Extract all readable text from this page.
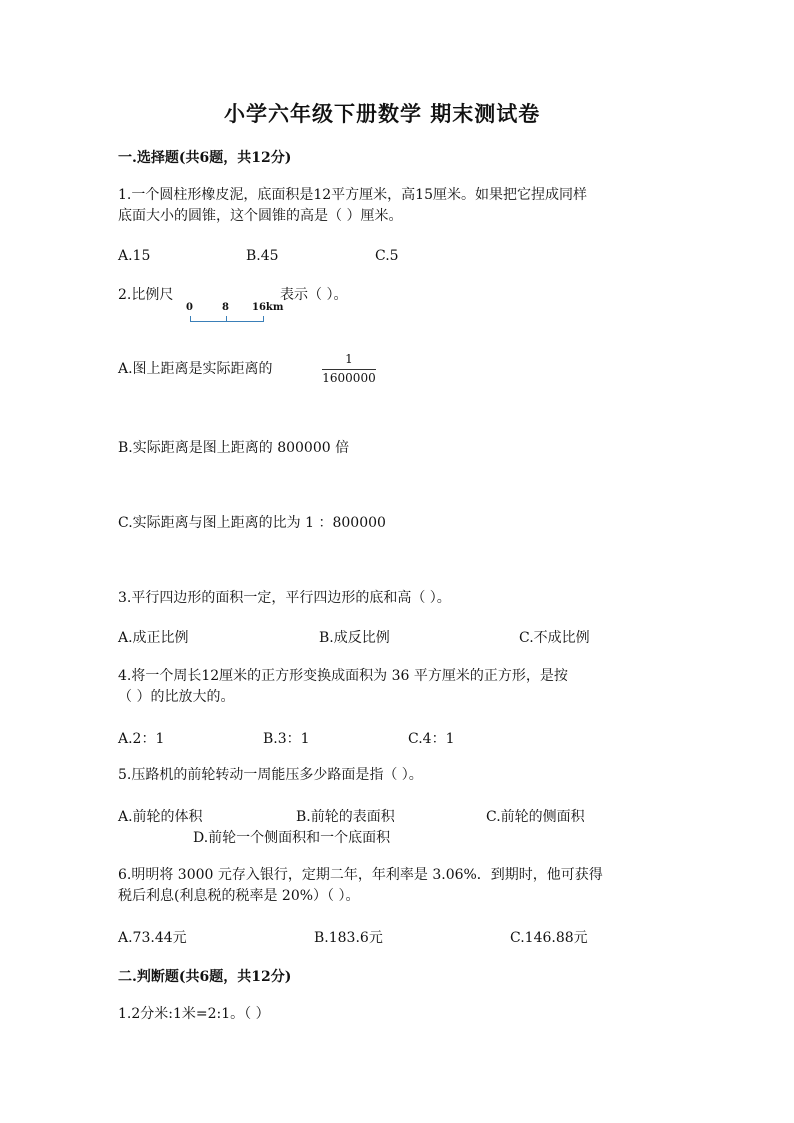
小学六年级下册数学 期末测试卷
一.选择题(共6题，共12分)
1.一个圆柱形橡皮泥，底面积是12平方厘米，高15厘米。如果把它捏成同样
底面大小的圆锥，这个圆锥的高是（ ）厘米。
A.15	B.45	C.5
2.比例尺
0	8 16km
表示（ ）。
A.图上距离是实际距离的
1
1600000
B.实际距离是图上距离的 800000 倍
C.实际距离与图上距离的比为 1 ：800000
3.平行四边形的面积一定，平行四边形的底和高（ ）。
A.成正比例	B.成反比例	C.不成比例
4.将一个周长12厘米的正方形变换成面积为 36 平方厘米的正方形，是按
（ ）的比放大的。
A.2：1	B.3：1	C.4：1
5.压路机的前轮转动一周能压多少路面是指（ ）。
A.前轮的体积	B.前轮的表面积	C.前轮的侧面积
D.前轮一个侧面积和一个底面积
6.明明将 3000 元存入银行，定期二年，年利率是 3.06%．到期时，他可获得
税后利息(利息税的税率是 20%）（ ）。
A.73.44元	B.183.6元	C.146.88元
二.判断题(共6题，共12分)
1.2分米:1米=2:1。（ ）
